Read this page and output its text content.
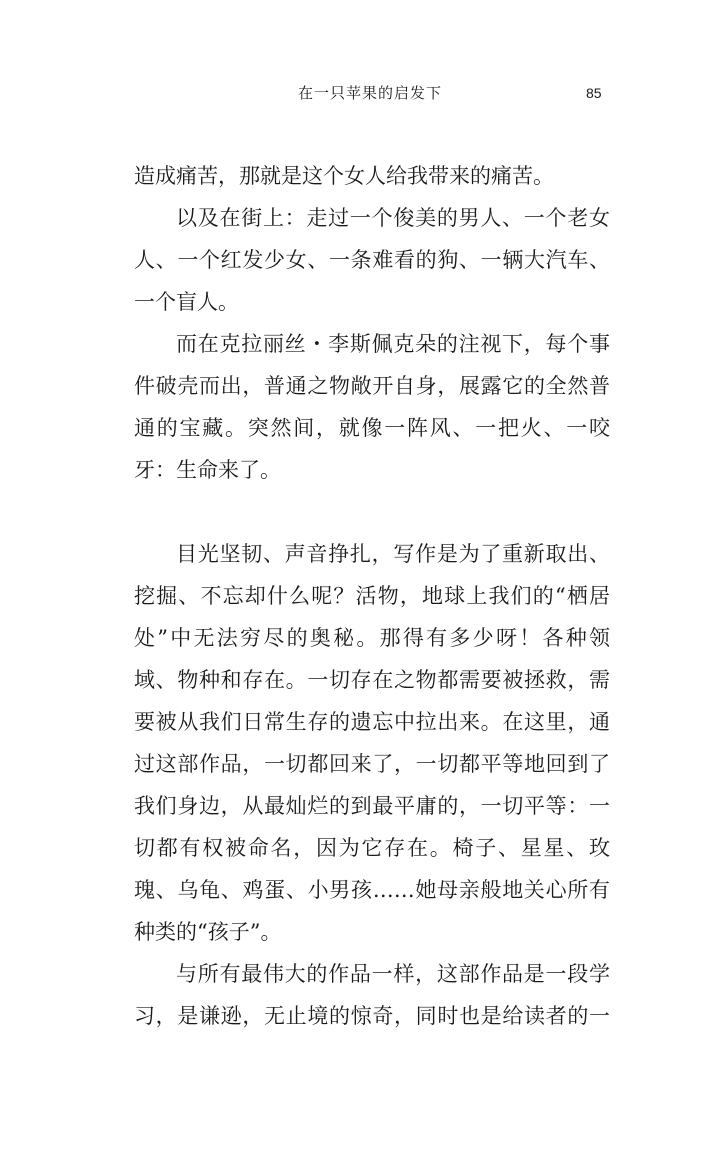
在一只苹果的启发下	85
造成痛苦，那就是这个女人给我带来的痛苦。
以及在街上：走过一个俊美的男人、一个老女
人、一个红发少女、一条难看的狗、一辆大汽车、
一个盲人。
而在克拉丽丝・李斯佩克朵的注视下，每个事
件破壳而出，普通之物敞开自身，展露它的全然普
通的宝藏。突然间，就像一阵风、一把火、一咬
牙：生命来了。
目光坚韧、声音挣扎，写作是为了重新取出、
挖掘、不忘却什么呢？活物，地球上我们的“栖居
处”中无法穷尽的奥秘。那得有多少呀！各种领
域、物种和存在。一切存在之物都需要被拯救，需
要被从我们日常生存的遗忘中拉出来。在这里，通
过这部作品，一切都回来了，一切都平等地回到了
我们身边，从最灿烂的到最平庸的，一切平等：一
切都有权被命名，因为它存在。椅子、星星、玫
瑰、乌龟、鸡蛋、小男孩……她母亲般地关心所有
种类的“孩子”。
与所有最伟大的作品一样，这部作品是一段学
习，是谦逊，无止境的惊奇，同时也是给读者的一
